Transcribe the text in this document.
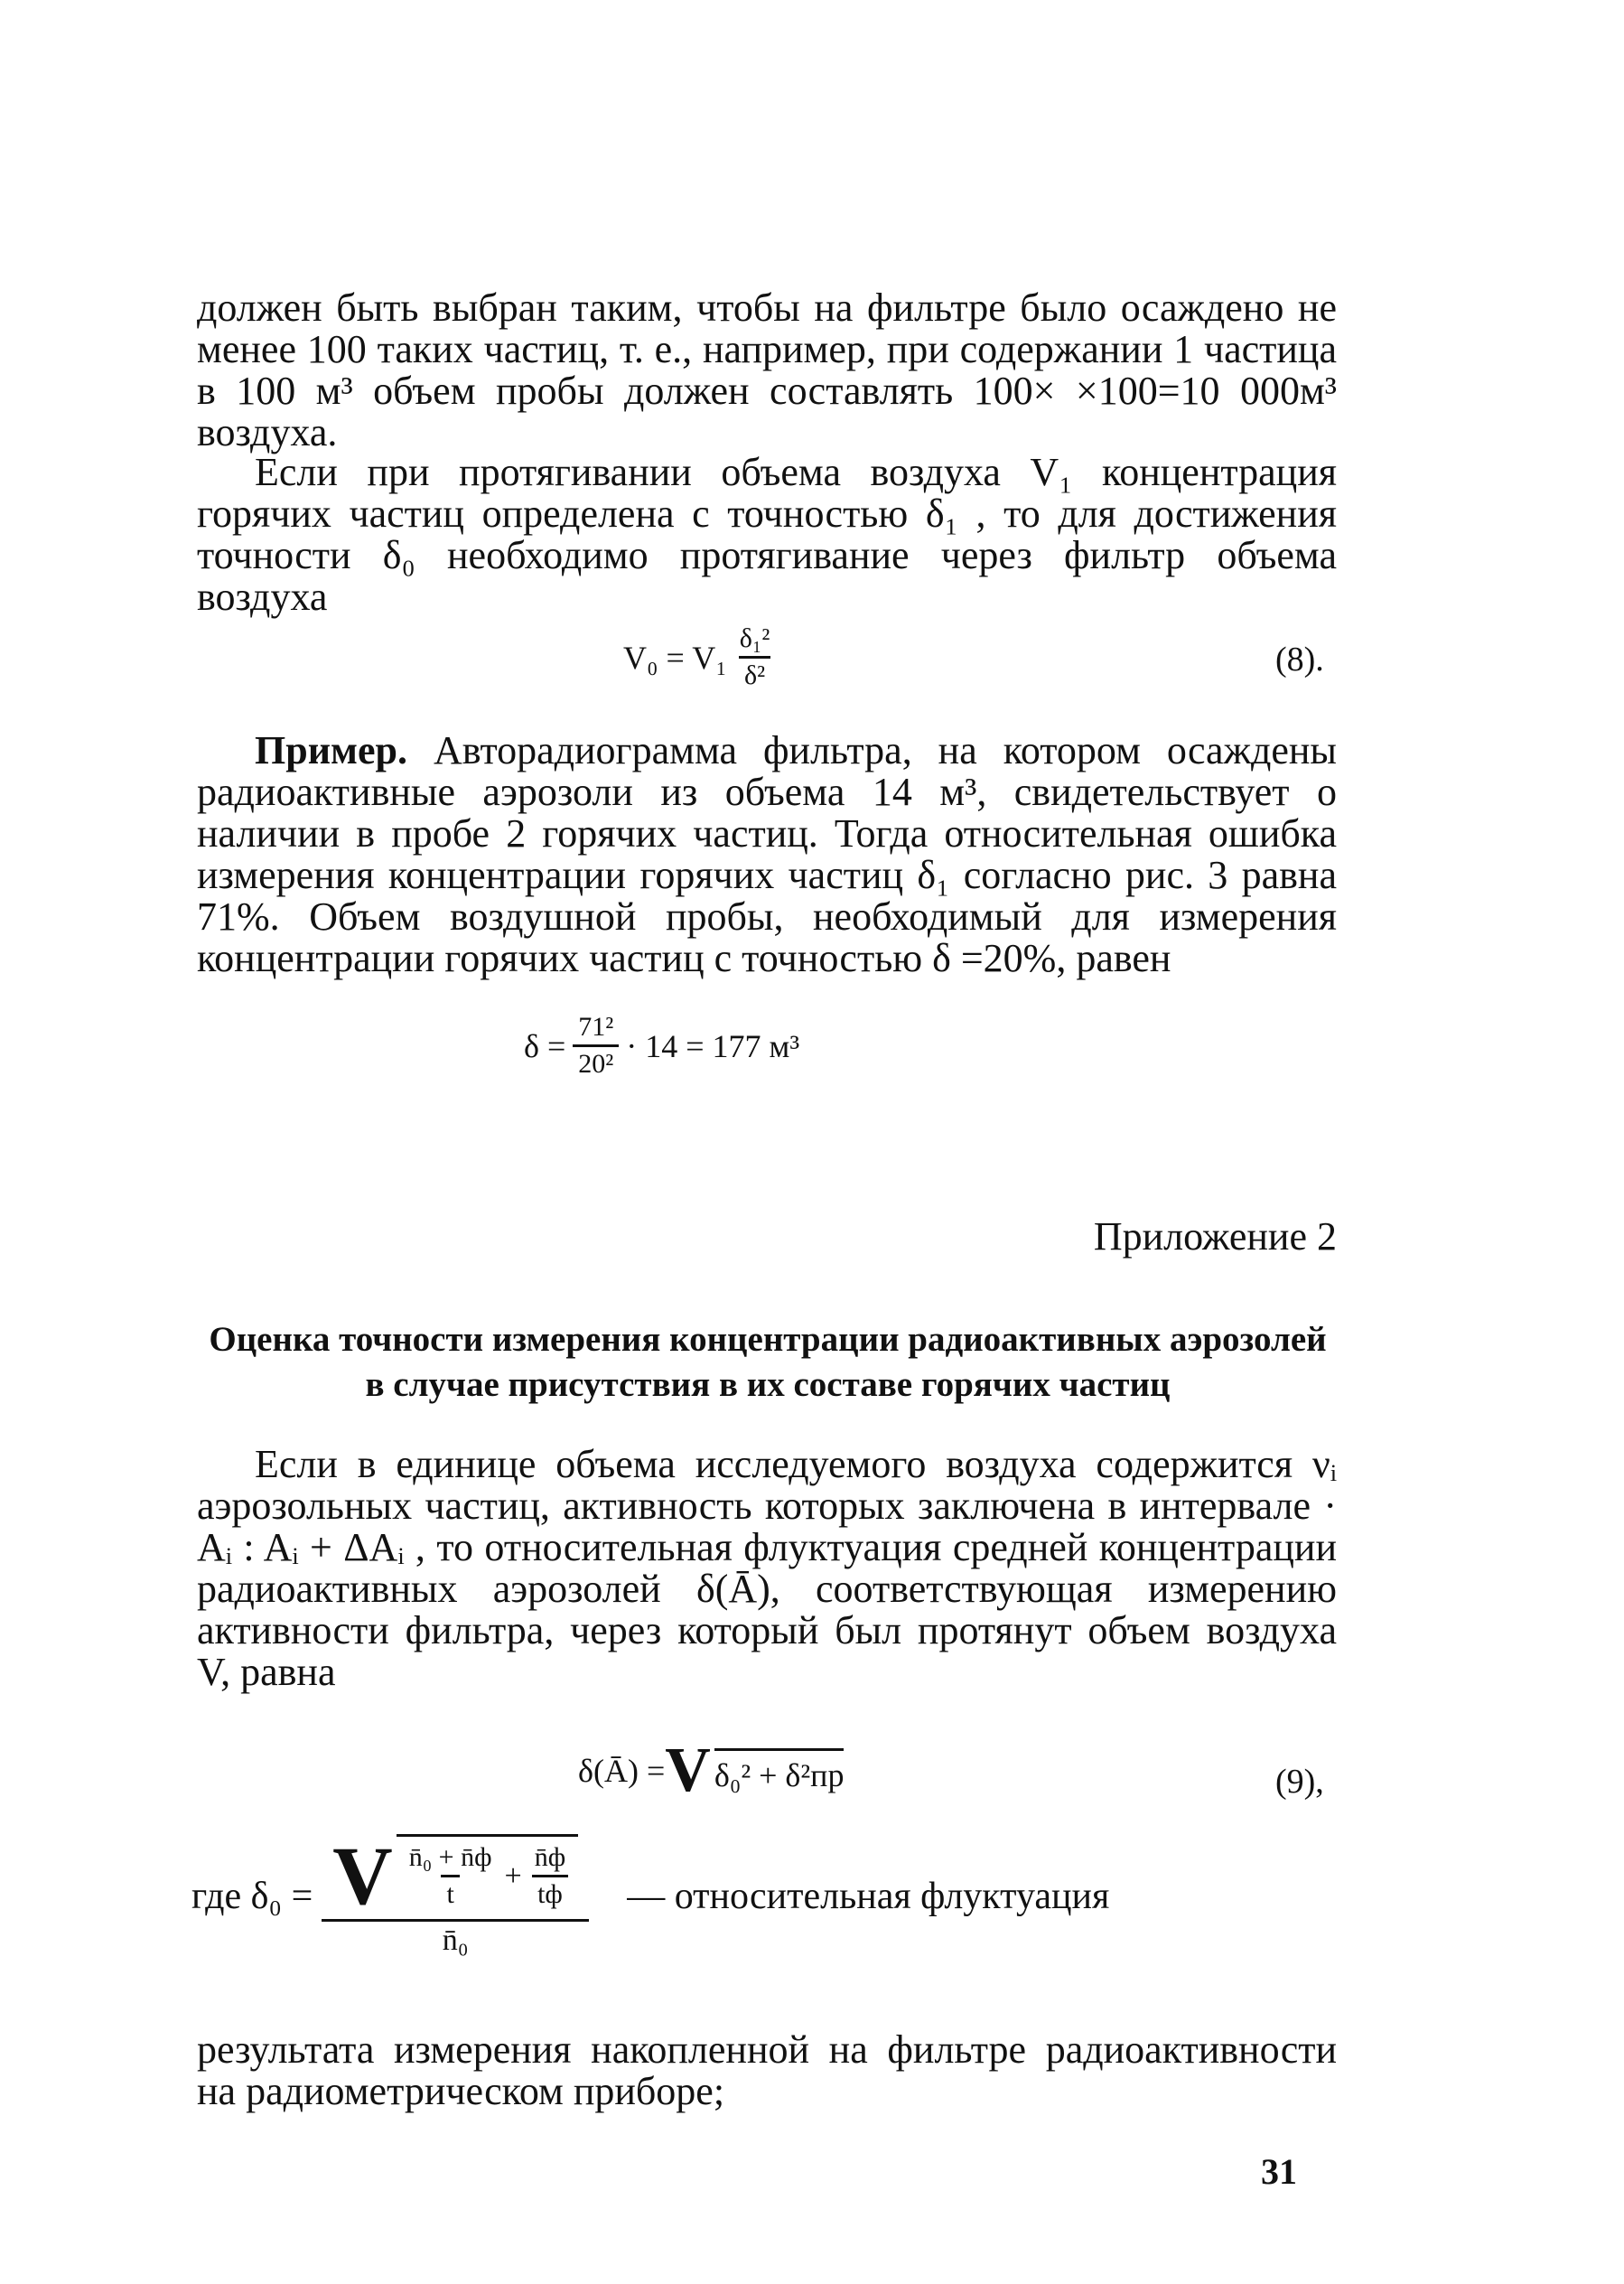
должен быть выбран таким, чтобы на фильтре было осаждено не менее 100 таких частиц, т. е., например, при содержании 1 частица в 100 м³ объем пробы должен составлять 100× ×100=10 000м³ воздуха.
Если при протягивании объема воздуха V₁ концентрация горячих частиц определена с точностью δ₁ , то для достижения точности δ₀ необходимо протягивание через фильтр объема воздуха
$V_0 = V_1 \frac{\text{δ₁²}}{\text{δ²}}$	(8).
Пример. Авторадиограмма фильтра, на котором осаждены радиоактивные аэрозоли из объема 14 м³, свидетельствует о наличии в пробе 2 горячих частиц. Тогда относительная ошибка измерения концентрации горячих частиц δ₁ согласно рис. 3 равна 71%. Объем воздушной пробы, необходимый для измерения концентрации горячих частиц с точностью δ =20%, равен
$\delta = \frac{\text{71²}}{\text{20²}} \cdot 14 = 177$ м³
Приложение 2
Оценка точности измерения концентрации радиоактивных аэрозолей в случае присутствия в их составе горячих частиц
Если в единице объема исследуемого воздуха содержится νᵢ аэрозольных частиц, активность которых заключена в интервале · Aᵢ : Aᵢ + ΔAᵢ , то относительная флуктуация средней концентрации радиоактивных аэрозолей δ(Ā), соответствующая измерению активности фильтра, через который был протянут объем воздуха V, равна
δ(Ā) = V δ₀² + δ²пр	(9),
где δ₀ = V $\frac{\text{n̄₀ + n̄ф}}{t} + \frac{n̄ф}{tф}$
n̄₀
— относительная флуктуация
результата измерения накопленной на фильтре радиоактивности на радиометрическом приборе;
31
